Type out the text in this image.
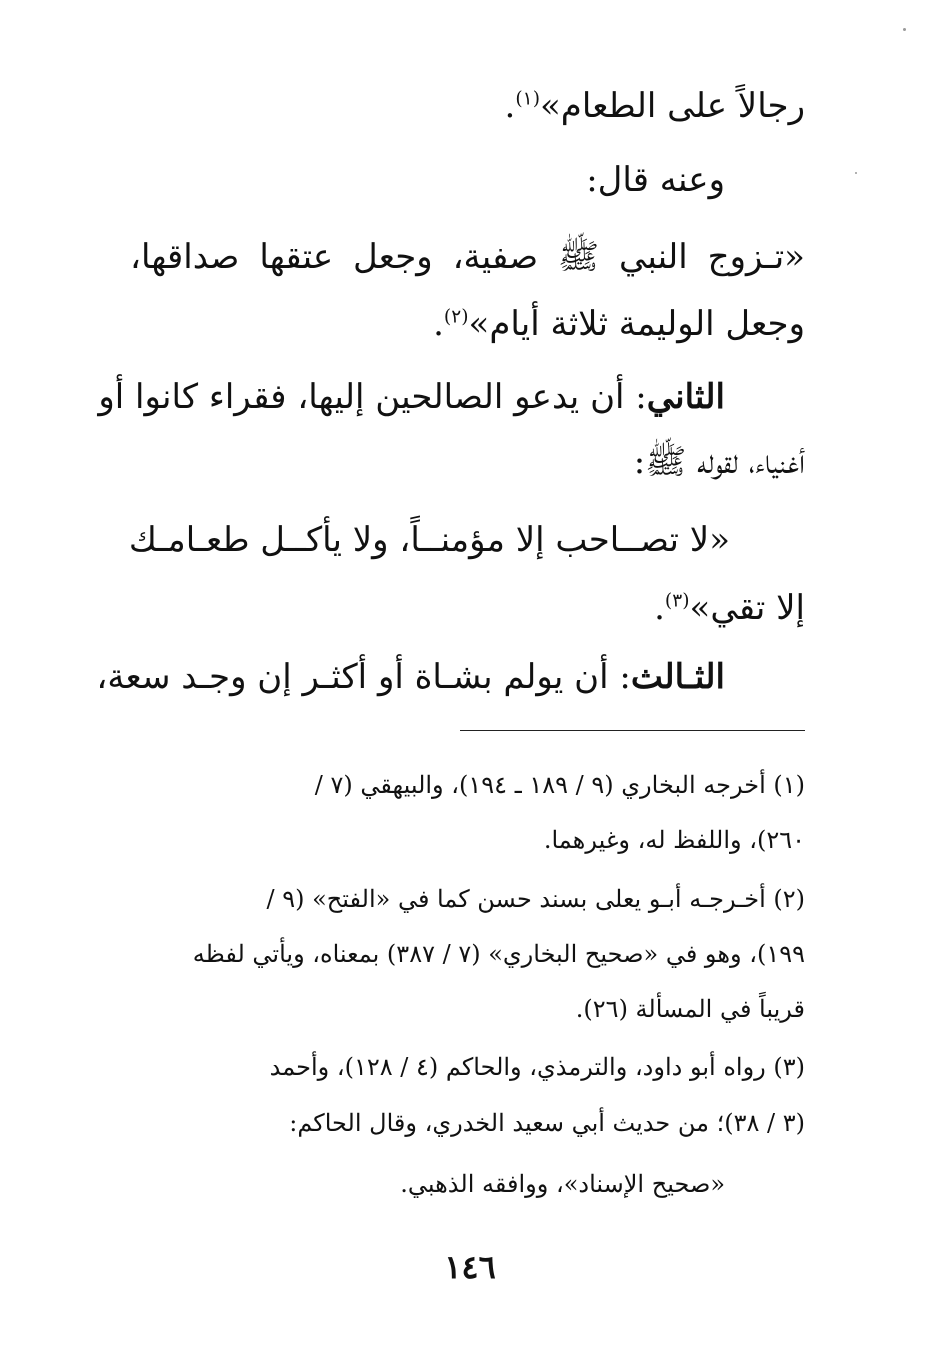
رجالاً على الطعام»$^{(١)}$.
وعنه قال:
«تـزوج النبي ﷺ صفية، وجعل عتقها صداقها،
وجعل الوليمة ثلاثة أيام»$^{(٢)}$.
الثاني: أن يدعو الصالحين إليها، فقراء كانوا أو
أغنياء، لقوله ﷺ:
«لا تصــاحب إلا مؤمنــاً، ولا يأكــل طعـامـك
إلا تقي»$^{(٣)}$.
الثـالث: أن يولم بشـاة أو أكثـر إن وجـد سعة،
(١) أخرجه البخاري (٩ / ١٨٩ ـ ١٩٤)، والبيهقي (٧ /
٢٦٠)، واللفظ له، وغيرهما.
(٢) أخـرجـه أبـو يعلى بسند حسن كما في «الفتح» (٩ /
١٩٩)، وهو في «صحيح البخاري» (٧ / ٣٨٧) بمعناه، ويأتي لفظه
قريباً في المسألة (٢٦).
(٣) رواه أبو داود، والترمذي، والحاكم (٤ / ١٢٨)، وأحمد
(٣ / ٣٨)؛ من حديث أبي سعيد الخدري، وقال الحاكم:
«صحيح الإسناد»، ووافقه الذهبي.
١٤٦
